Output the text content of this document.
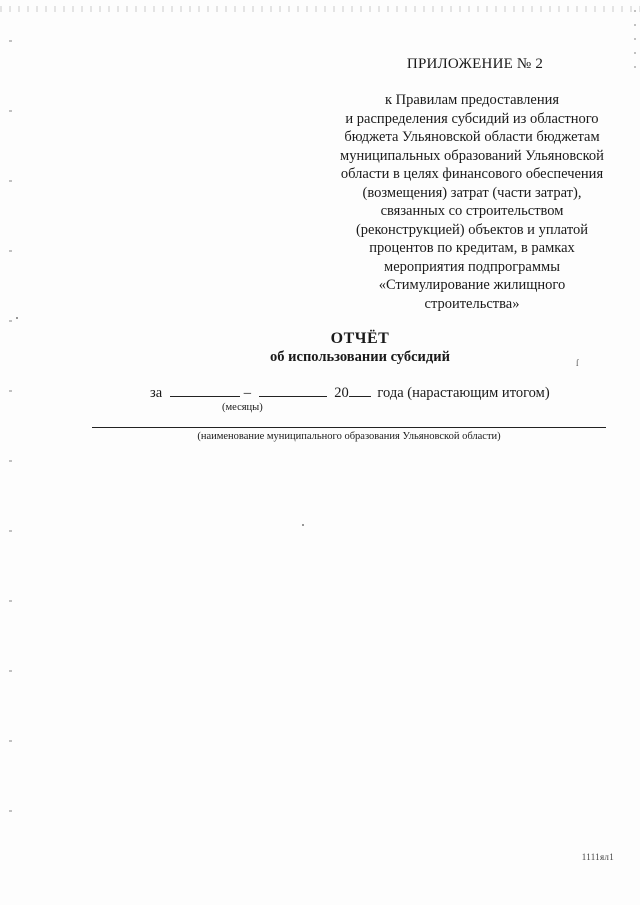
ПРИЛОЖЕНИЕ № 2
к Правилам предоставления
и распределения субсидий из областного
бюджета Ульяновской области бюджетам
муниципальных образований Ульяновской
области в целях финансового обеспечения
(возмещения) затрат (части затрат),
связанных со строительством
(реконструкцией) объектов и уплатой
процентов по кредитам, в рамках
мероприятия подпрограммы
«Стимулирование жилищного
строительства»
ОТЧЁТ
об использовании субсидий	ſ
за	–	20 года (нарастающим итогом)
(месяцы)
(наименование муниципального образования Ульяновской области)
1111ял1
